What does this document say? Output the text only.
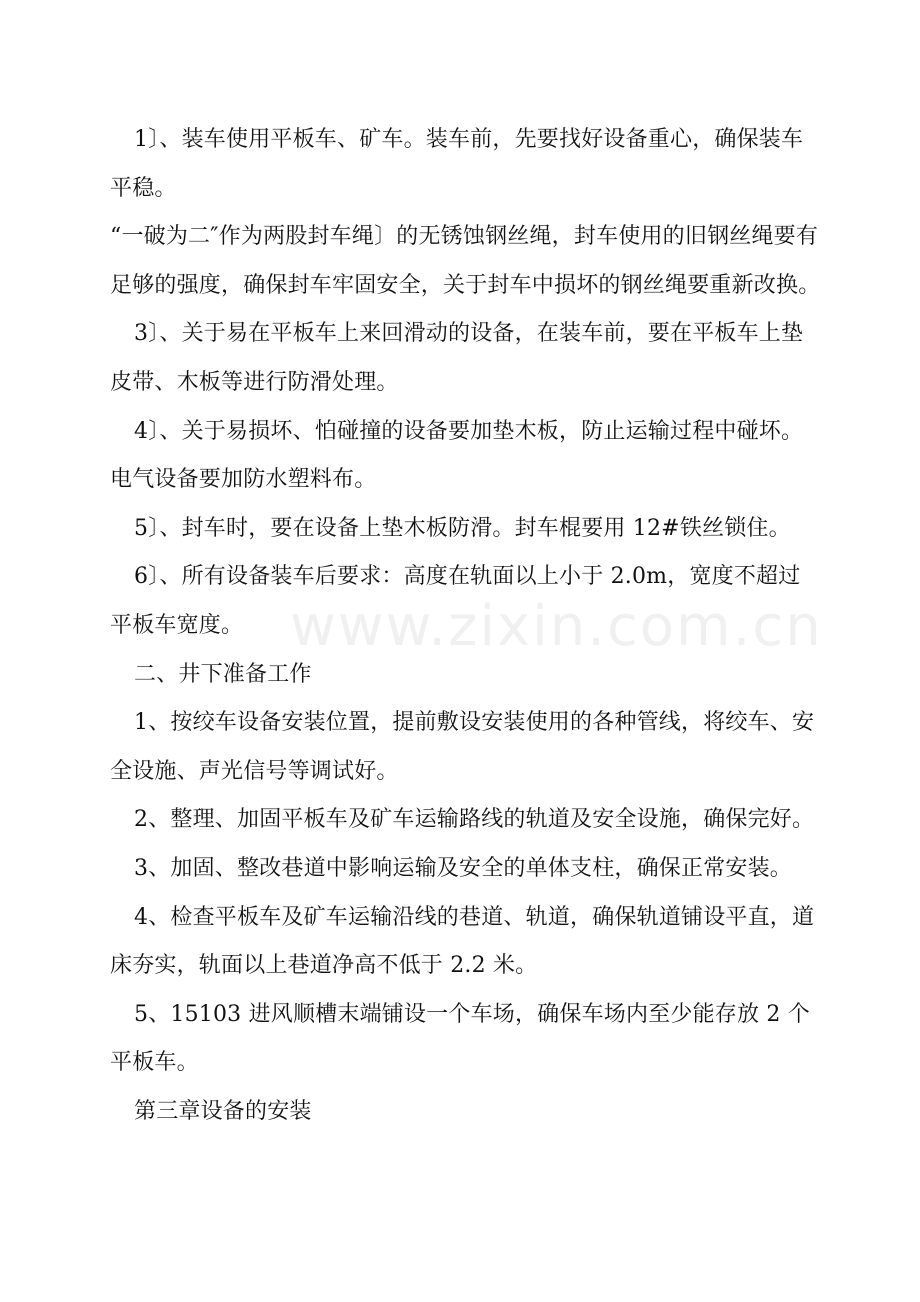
1〕、装车使用平板车、矿车。装车前，先要找好设备重心，确保装车平稳。

“一破为二″作为两股封车绳〕的无锈蚀钢丝绳，封车使用的旧钢丝绳要有足够的强度，确保封车牢固安全，关于封车中损坏的钢丝绳要重新改换。

3〕、关于易在平板车上来回滑动的设备，在装车前，要在平板车上垫皮带、木板等进行防滑处理。

4〕、关于易损坏、怕碰撞的设备要加垫木板，防止运输过程中碰坏。电气设备要加防水塑料布。

5〕、封车时，要在设备上垫木板防滑。封车棍要用 12#铁丝锁住。

6〕、所有设备装车后要求：高度在轨面以上小于 2.0m，宽度不超过平板车宽度。

二、井下准备工作

1、按绞车设备安装位置，提前敷设安装使用的各种管线，将绞车、安全设施、声光信号等调试好。

2、整理、加固平板车及矿车运输路线的轨道及安全设施，确保完好。

3、加固、整改巷道中影响运输及安全的单体支柱，确保正常安装。

4、检查平板车及矿车运输沿线的巷道、轨道，确保轨道铺设平直，道床夯实，轨面以上巷道净高不低于 2.2 米。

5、15103 进风顺槽末端铺设一个车场，确保车场内至少能存放 2 个平板车。

第三章设备的安装

www.zixin.com.cn
